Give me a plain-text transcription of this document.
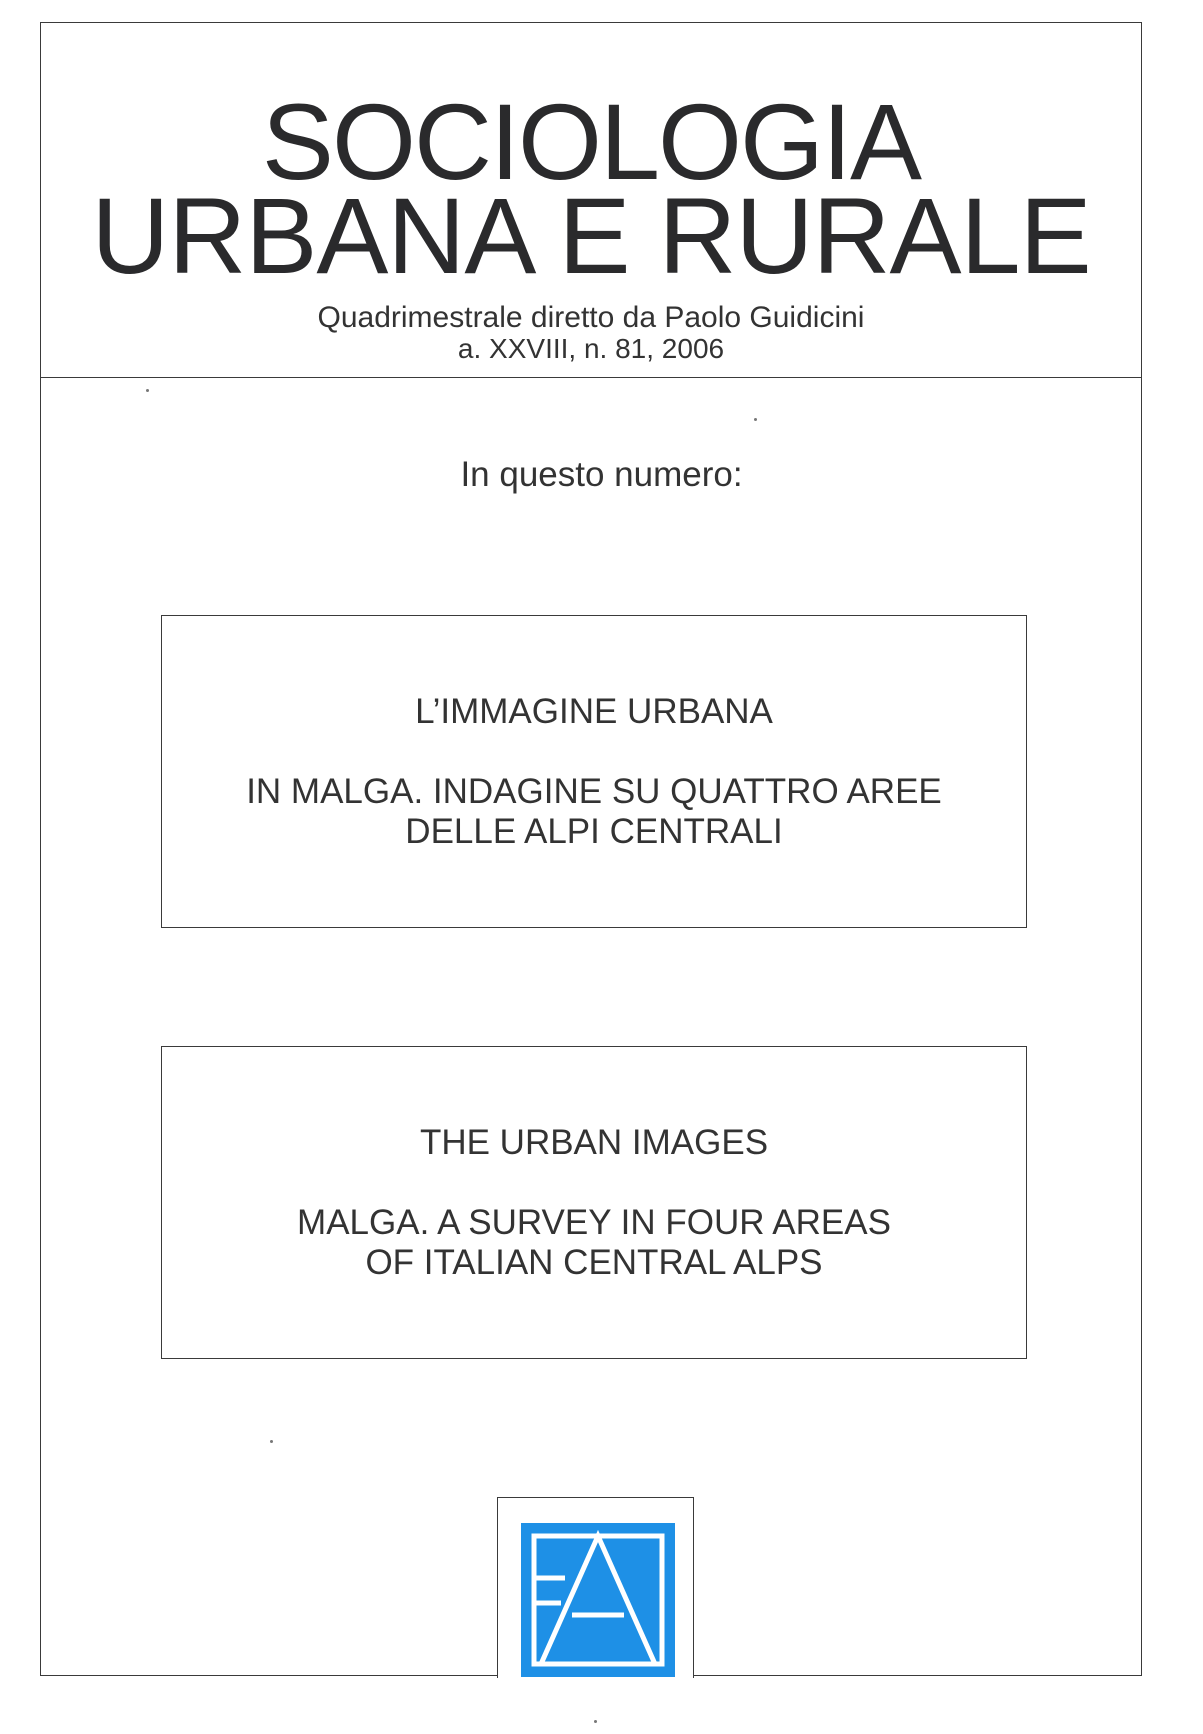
SOCIOLOGIA
URBANA E RURALE
Quadrimestrale diretto da Paolo Guidicini
a. XXVIII, n. 81, 2006
In questo numero:
L’IMMAGINE URBANA
IN MALGA. INDAGINE SU QUATTRO AREE
DELLE ALPI CENTRALI
THE URBAN IMAGES
MALGA. A SURVEY IN FOUR AREAS
OF ITALIAN CENTRAL ALPS
